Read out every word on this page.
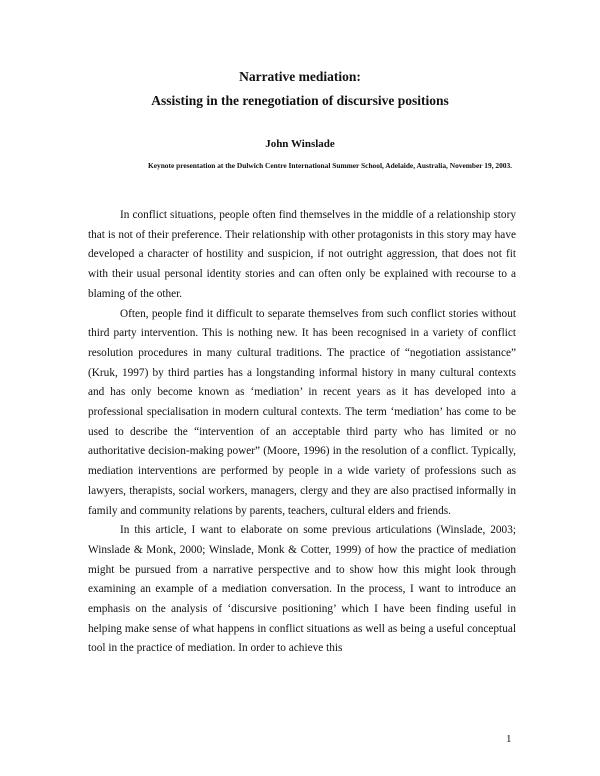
Narrative mediation:
Assisting in the renegotiation of discursive positions
John Winslade
Keynote presentation at the Dulwich Centre International Summer School, Adelaide, Australia, November 19, 2003.

In conflict situations, people often find themselves in the middle of a relationship story that is not of their preference. Their relationship with other protagonists in this story may have developed a character of hostility and suspicion, if not outright aggression, that does not fit with their usual personal identity stories and can often only be explained with recourse to a blaming of the other.

Often, people find it difficult to separate themselves from such conflict stories without third party intervention. This is nothing new. It has been recognised in a variety of conflict resolution procedures in many cultural traditions. The practice of “negotiation assistance” (Kruk, 1997) by third parties has a longstanding informal history in many cultural contexts and has only become known as ‘mediation’ in recent years as it has developed into a professional specialisation in modern cultural contexts. The term ‘mediation’ has come to be used to describe the “intervention of an acceptable third party who has limited or no authoritative decision-making power” (Moore, 1996) in the resolution of a conflict. Typically, mediation interventions are performed by people in a wide variety of professions such as lawyers, therapists, social workers, managers, clergy and they are also practised informally in family and community relations by parents, teachers, cultural elders and friends.

In this article, I want to elaborate on some previous articulations (Winslade, 2003; Winslade & Monk, 2000; Winslade, Monk & Cotter, 1999) of how the practice of mediation might be pursued from a narrative perspective and to show how this might look through examining an example of a mediation conversation. In the process, I want to introduce an emphasis on the analysis of ‘discursive positioning’ which I have been finding useful in helping make sense of what happens in conflict situations as well as being a useful conceptual tool in the practice of mediation. In order to achieve this

1
